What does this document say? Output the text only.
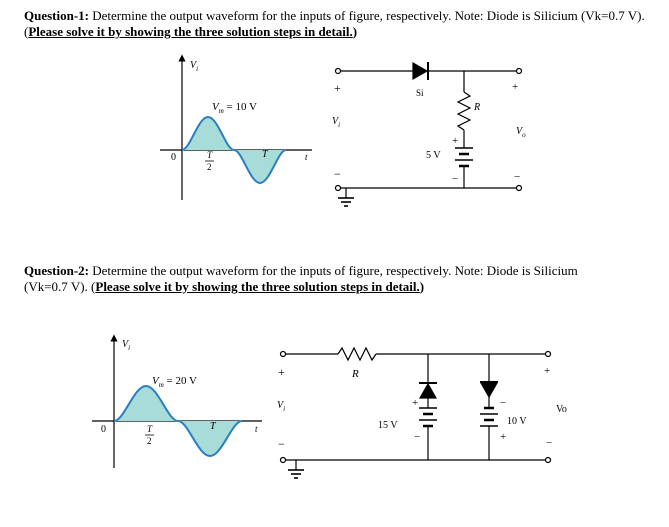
Question-1: Determine the output waveform for the inputs of figure, respectively. Note: Diode is Silicium (Vk=0.7 V). (Please solve it by showing the three solution steps in detail.)
Question-2: Determine the output waveform for the inputs of figure, respectively. Note: Diode is Silicium (Vk=0.7 V). (Please solve it by showing the three solution steps in detail.)
$V_i$
$V_m = 10$ V
0	T
2
T	t
+
−
$V_i$
Si
R
+
−
5 V
+
−
$V_o$
$V_i$
$V_m = 20$ V
0	T
2
T	t
+
−
$V_i$
R
+
−
15 V
−
+
10 V
+
−
Vo
